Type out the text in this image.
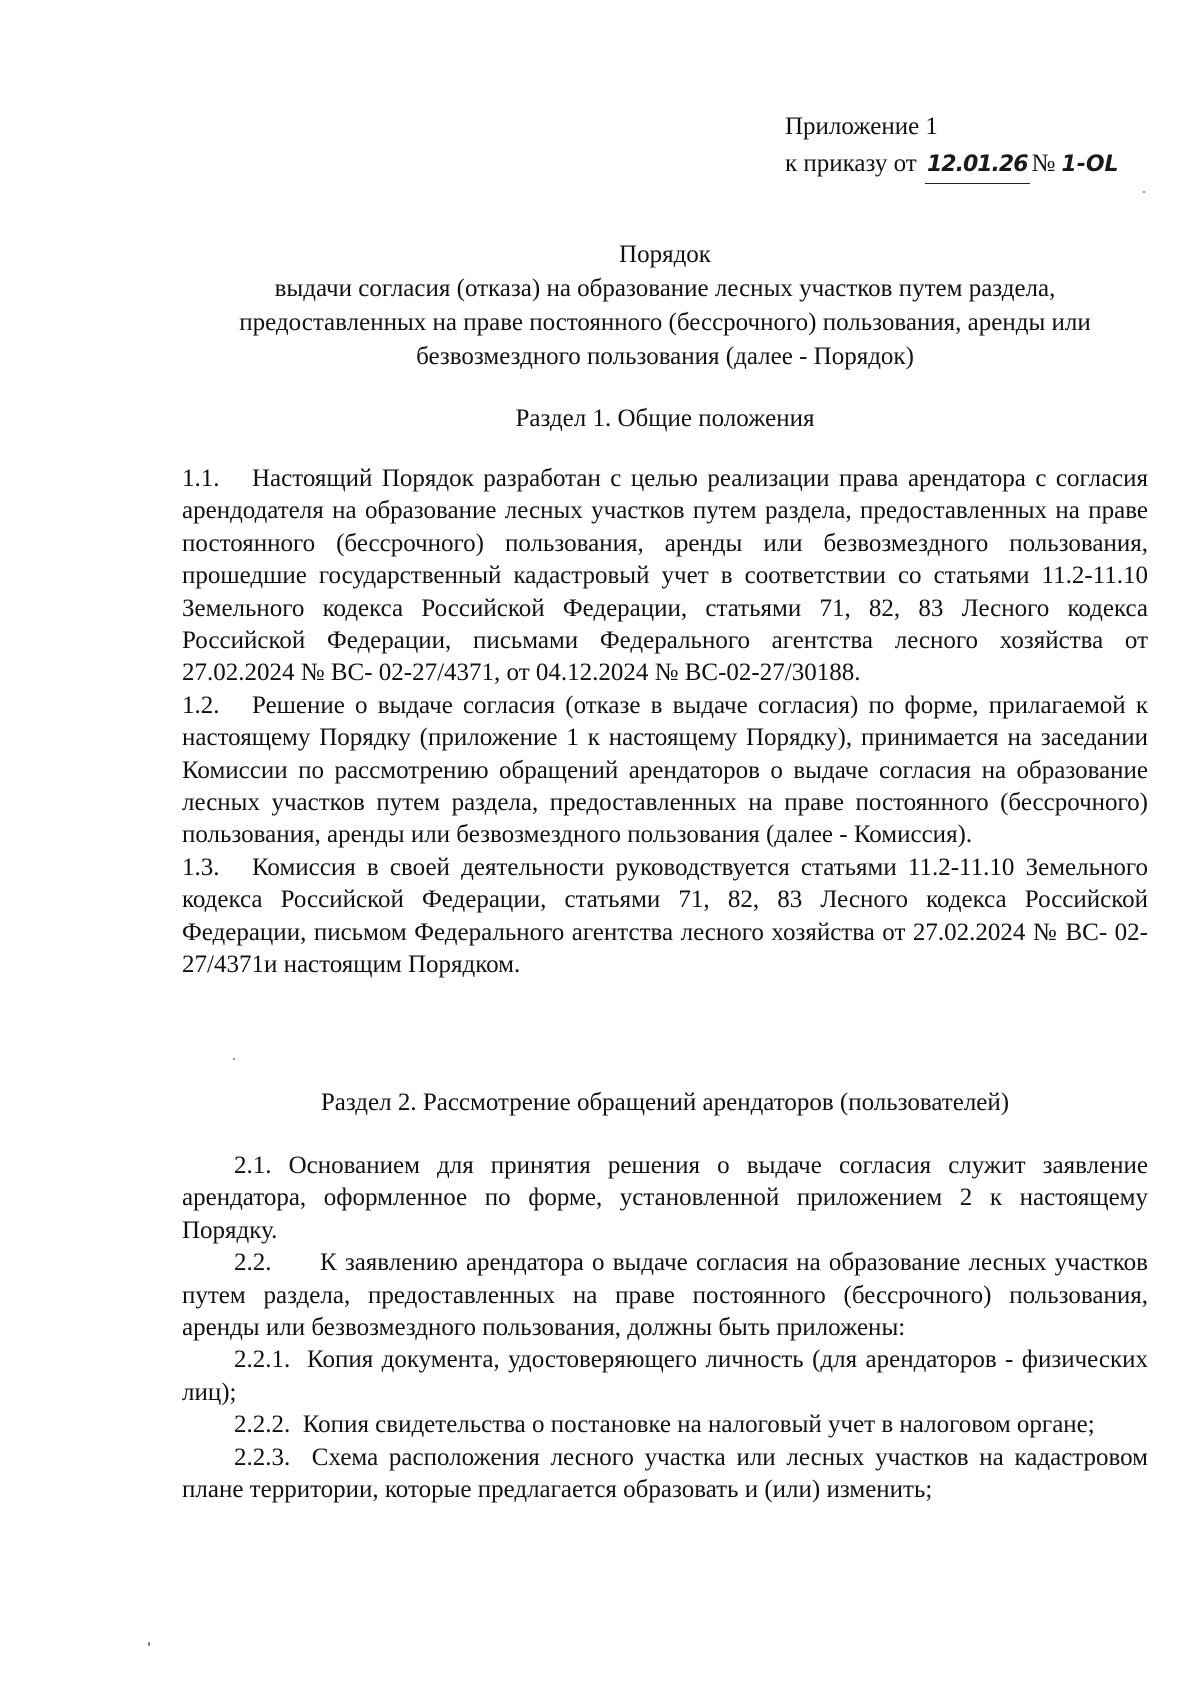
Приложение 1
к приказу от 12.01.26 № 1-ОL
Порядок
выдачи согласия (отказа) на образование лесных участков путем раздела,
предоставленных на праве постоянного (бессрочного) пользования, аренды или
безвозмездного пользования (далее - Порядок)
Раздел 1. Общие положения

1.1. Настоящий Порядок разработан с целью реализации права арендатора с согласия арендодателя на образование лесных участков путем раздела, предоставленных на праве постоянного (бессрочного) пользования, аренды или безвозмездного пользования, прошедшие государственный кадастровый учет в соответствии со статьями 11.2-11.10 Земельного кодекса Российской Федерации, статьями 71, 82, 83 Лесного кодекса Российской Федерации, письмами Федерального агентства лесного хозяйства от 27.02.2024 № ВС- 02-27/4371, от 04.12.2024 № ВС-02-27/30188.

1.2. Решение о выдаче согласия (отказе в выдаче согласия) по форме, прилагаемой к настоящему Порядку (приложение 1 к настоящему Порядку), принимается на заседании Комиссии по рассмотрению обращений арендаторов о выдаче согласия на образование лесных участков путем раздела, предоставленных на праве постоянного (бессрочного) пользования, аренды или безвозмездного пользования (далее - Комиссия).

1.3. Комиссия в своей деятельности руководствуется статьями 11.2-11.10 Земельного кодекса Российской Федерации, статьями 71, 82, 83 Лесного кодекса Российской Федерации, письмом Федерального агентства лесного хозяйства от 27.02.2024 № ВС- 02-27/4371и настоящим Порядком.

Раздел 2. Рассмотрение обращений арендаторов (пользователей)

2.1. Основанием для принятия решения о выдаче согласия служит заявление арендатора, оформленное по форме, установленной приложением 2 к настоящему Порядку.

2.2. К заявлению арендатора о выдаче согласия на образование лесных участков путем раздела, предоставленных на праве постоянного (бессрочного) пользования, аренды или безвозмездного пользования, должны быть приложены:

2.2.1. Копия документа, удостоверяющего личность (для арендаторов - физических лиц);

2.2.2. Копия свидетельства о постановке на налоговый учет в налоговом органе;

2.2.3. Схема расположения лесного участка или лесных участков на кадастровом плане территории, которые предлагается образовать и (или) изменить;
